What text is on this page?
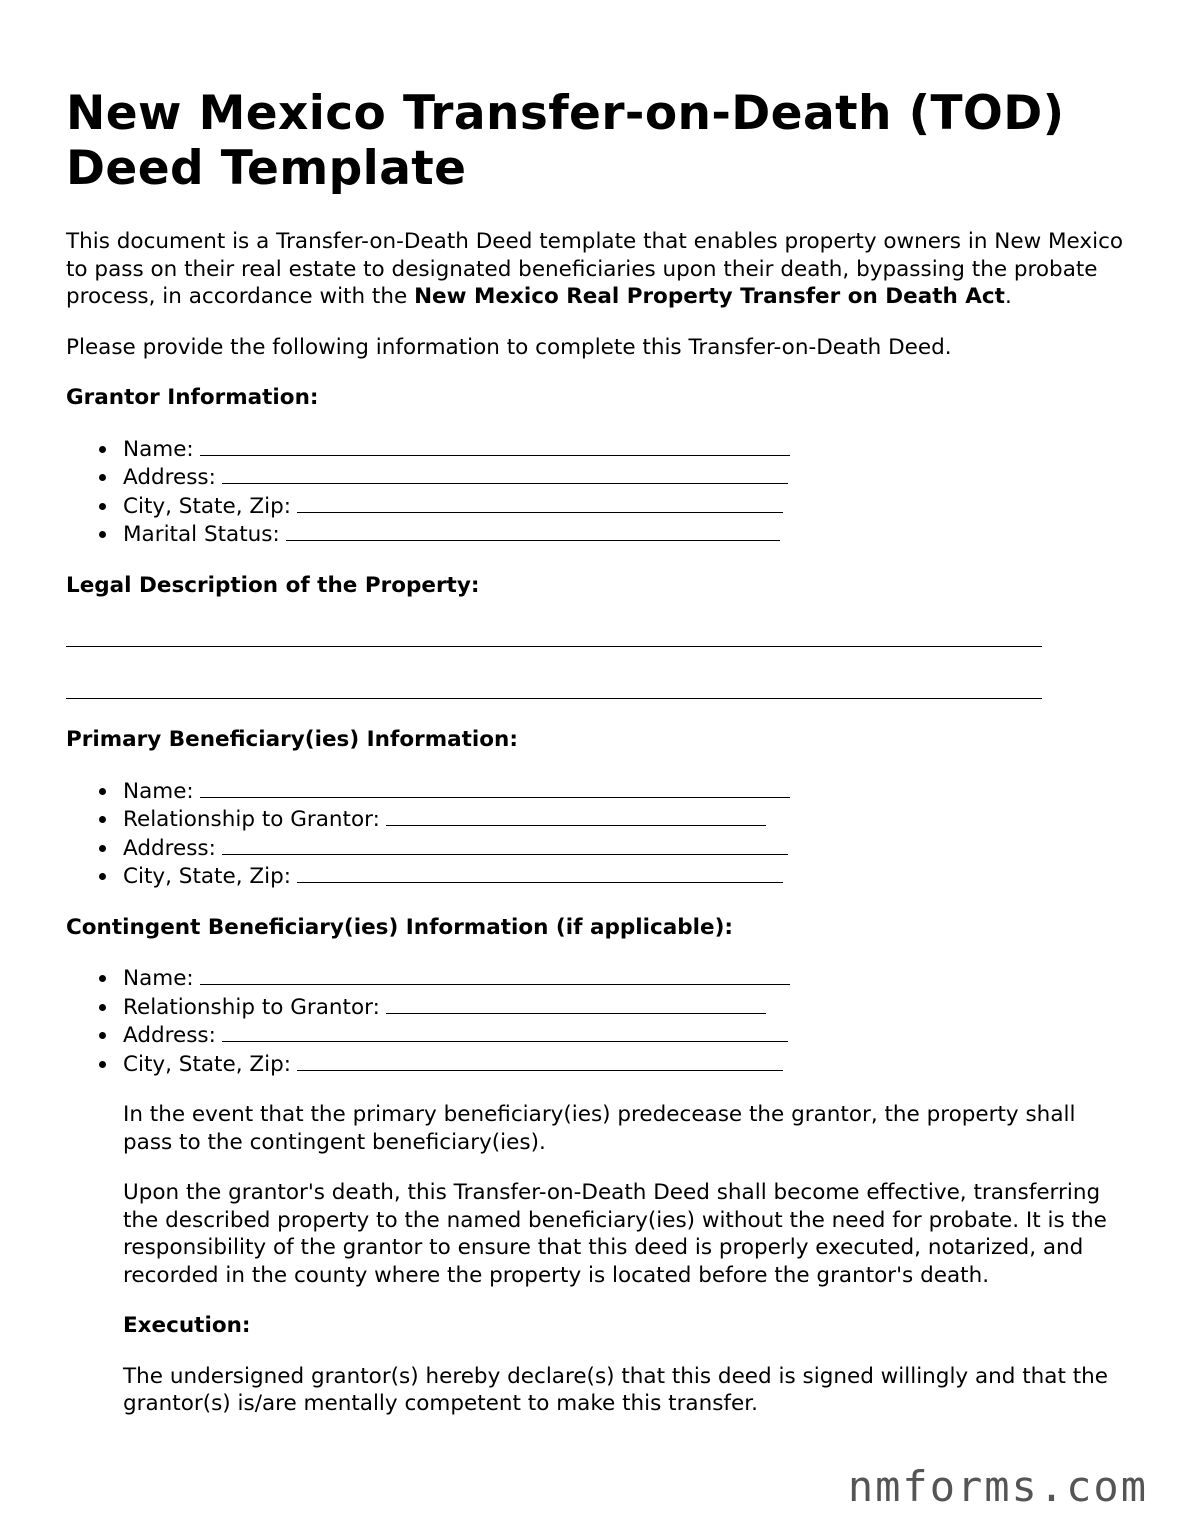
New Mexico Transfer-on-Death (TOD) Deed Template

This document is a Transfer-on-Death Deed template that enables property owners in New Mexico to pass on their real estate to designated beneficiaries upon their death, bypassing the probate process, in accordance with the New Mexico Real Property Transfer on Death Act.

Please provide the following information to complete this Transfer-on-Death Deed.

Grantor Information:

Name:
Address:
City, State, Zip:
Marital Status:

Legal Description of the Property:

Primary Beneficiary(ies) Information:

Name:
Relationship to Grantor:
Address:
City, State, Zip:

Contingent Beneficiary(ies) Information (if applicable):

Name:
Relationship to Grantor:
Address:
City, State, Zip:

In the event that the primary beneficiary(ies) predecease the grantor, the property shall pass to the contingent beneficiary(ies).

Upon the grantor's death, this Transfer-on-Death Deed shall become effective, transferring the described property to the named beneficiary(ies) without the need for probate. It is the responsibility of the grantor to ensure that this deed is properly executed, notarized, and recorded in the county where the property is located before the grantor's death.

Execution:

The undersigned grantor(s) hereby declare(s) that this deed is signed willingly and that the grantor(s) is/are mentally competent to make this transfer.

nmforms.com
